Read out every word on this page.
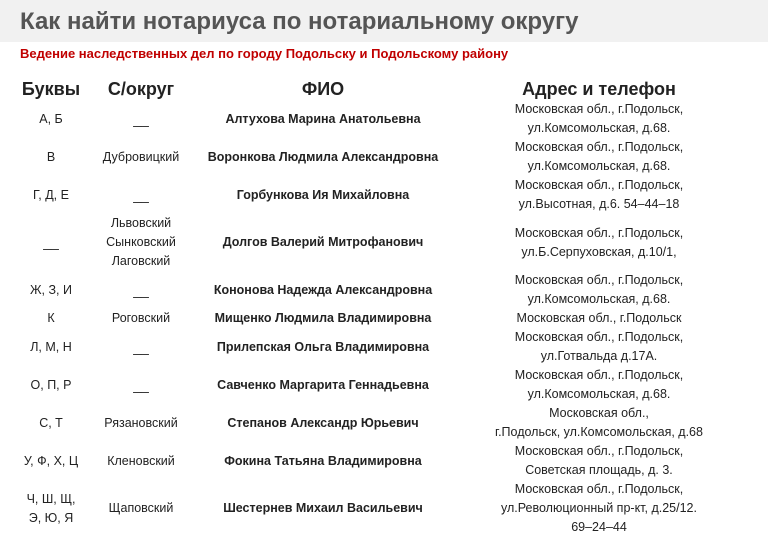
Как найти нотариуса по нотариальному округу
Ведение наследственных дел по городу Подольску и Подольскому району
Буквы	С/округ	ФИО	Адрес и телефон

А, Б	__	Алтухова Марина Анатольевна	Московская обл., г.Подольск,
ул.Комсомольская, д.68.

В	Дубровицкий	Воронкова Людмила Александровна	Московская обл., г.Подольск,
ул.Комсомольская, д.68.

Г, Д, Е	__	Горбункова Ия Михайловна	Московская обл., г.Подольск,
ул.Высотная, д.6. 54–44–18

__	Львовский
Сынковский
Лаговский	Долгов Валерий Митрофанович	Московская обл., г.Подольск,
ул.Б.Серпуховская, д.10/1,

Ж, З, И	__	Кононова Надежда Александровна	Московская обл., г.Подольск,
ул.Комсомольская, д.68.

К	Роговский	Мищенко Людмила Владимировна	Московская обл., г.Подольск

Л, М, Н	__	Прилепская Ольга Владимировна	Московская обл., г.Подольск,
ул.Готвальда д.17А.

О, П, Р	__	Савченко Маргарита Геннадьевна	Московская обл., г.Подольск,
ул.Комсомольская, д.68.

С, Т	Рязановский	Степанов Александр Юрьевич	Московская обл.,
г.Подольск, ул.Комсомольская, д.68

У, Ф, Х, Ц	Кленовский	Фокина Татьяна Владимировна	Московская обл., г.Подольск,
Советская площадь, д. 3.

Ч, Ш, Щ,
Э, Ю, Я	Щаповский	Шестернев Михаил Васильевич	Московская обл., г.Подольск,
ул.Революционный пр-кт, д.25/12.
69–24–44
